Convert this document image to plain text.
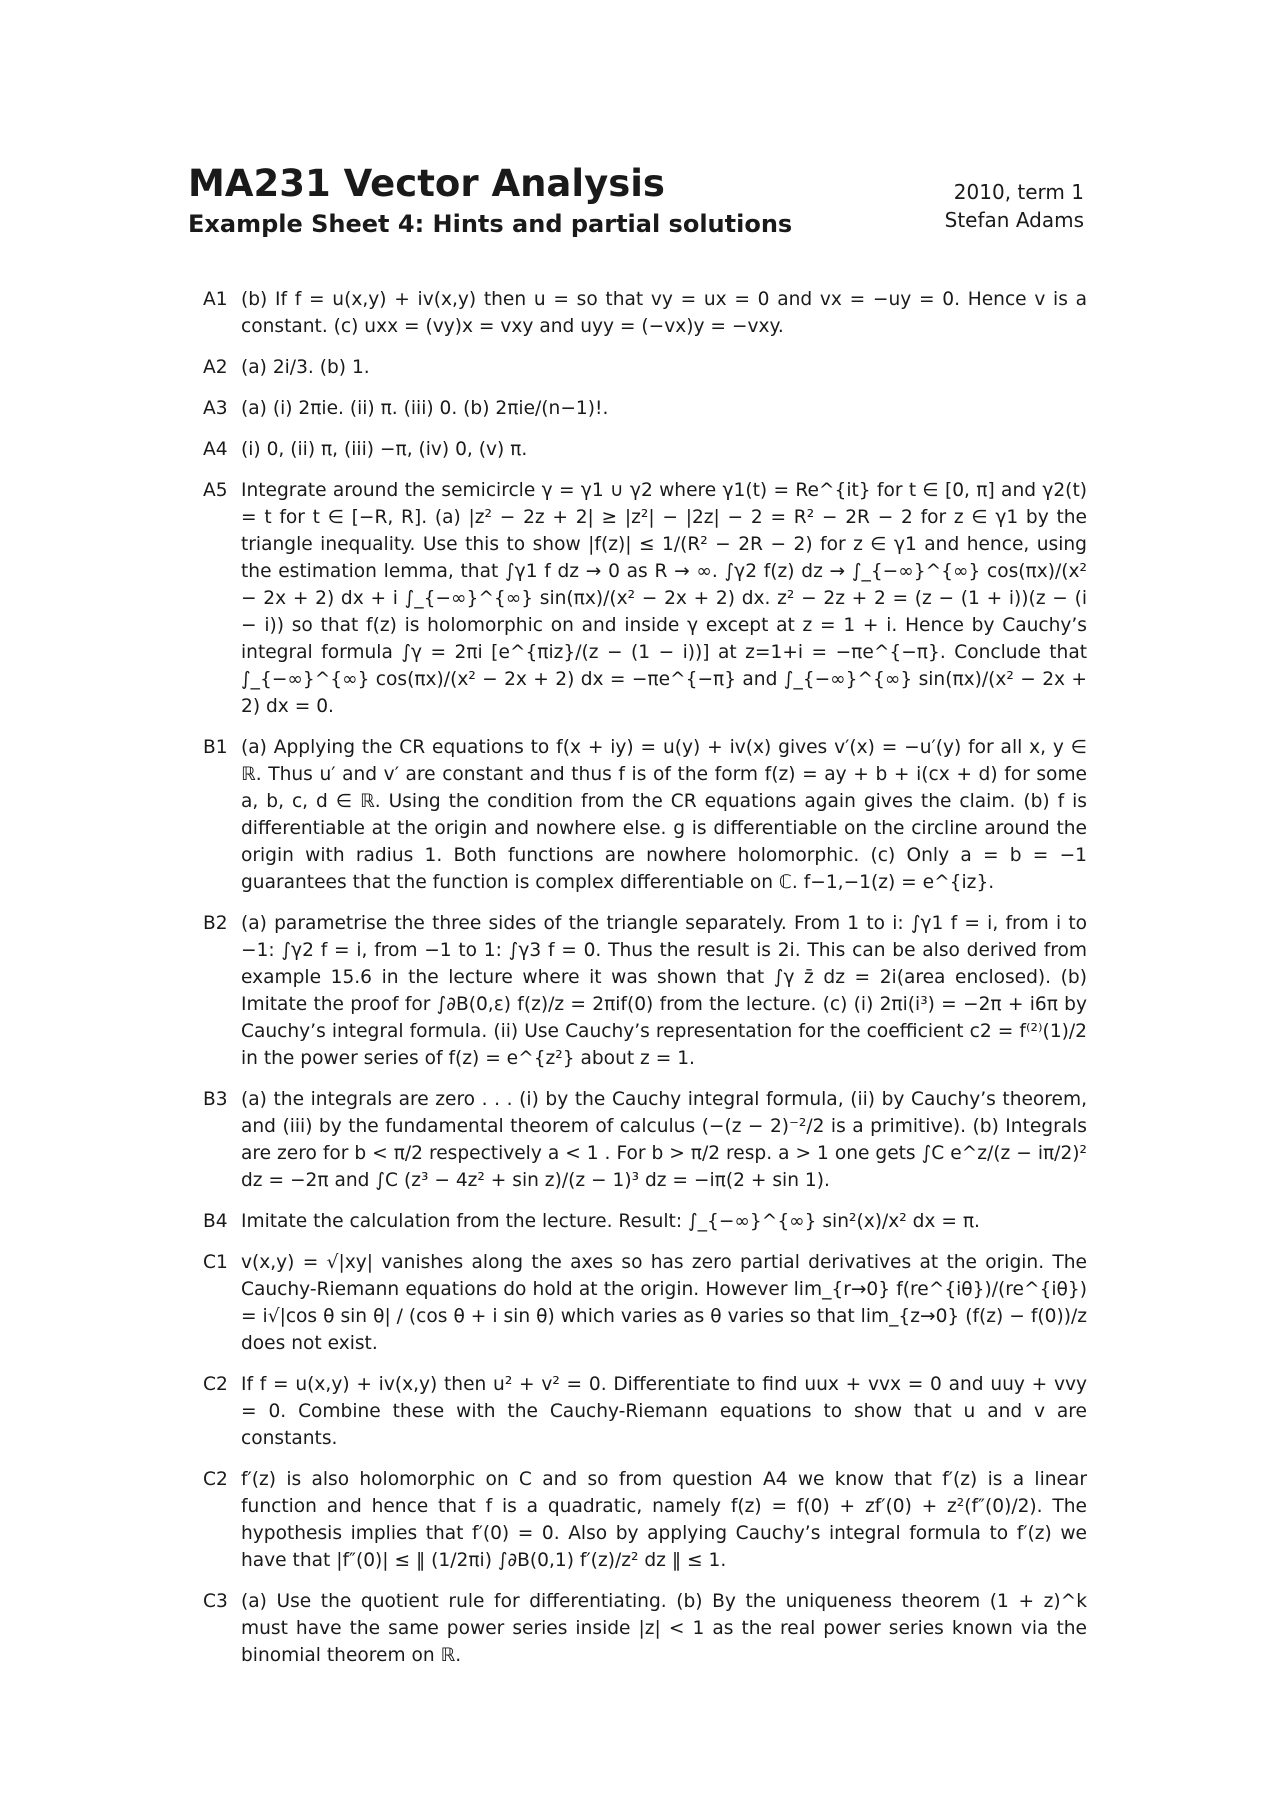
MA231 Vector Analysis
Example Sheet 4: Hints and partial solutions
2010, term 1
Stefan Adams
A1 (b) If f = u(x,y) + iv(x,y) then u = so that vy = ux = 0 and vx = −uy = 0. Hence v is a constant. (c) uxx = (vy)x = vxy and uyy = (−vx)y = −vxy.
A2 (a) 2i/3. (b) 1.
A3 (a) (i) 2πie. (ii) π. (iii) 0. (b) 2πie/(n−1)!.
A4 (i) 0, (ii) π, (iii) −π, (iv) 0, (v) π.
A5 Integrate around the semicircle γ = γ1 ∪ γ2 where γ1(t) = Re^{it} for t ∈ [0, π] and γ2(t) = t for t ∈ [−R, R]. (a) |z² − 2z + 2| ≥ |z²| − |2z| − 2 = R² − 2R − 2 for z ∈ γ1 by the triangle inequality. Use this to show |f(z)| ≤ 1/(R² − 2R − 2) for z ∈ γ1 and hence, using the estimation lemma, that ∫γ1 f dz → 0 as R → ∞. ∫γ2 f(z) dz → ∫_{−∞}^{∞} cos(πx)/(x² − 2x + 2) dx + i ∫_{−∞}^{∞} sin(πx)/(x² − 2x + 2) dx. z² − 2z + 2 = (z − (1 + i))(z − (i − i)) so that f(z) is holomorphic on and inside γ except at z = 1 + i. Hence by Cauchy’s integral formula ∫γ = 2πi [e^{πiz}/(z − (1 − i))] at z=1+i = −πe^{−π}. Conclude that ∫_{−∞}^{∞} cos(πx)/(x² − 2x + 2) dx = −πe^{−π} and ∫_{−∞}^{∞} sin(πx)/(x² − 2x + 2) dx = 0.
B1 (a) Applying the CR equations to f(x + iy) = u(y) + iv(x) gives v′(x) = −u′(y) for all x, y ∈ ℝ. Thus u′ and v′ are constant and thus f is of the form f(z) = ay + b + i(cx + d) for some a, b, c, d ∈ ℝ. Using the condition from the CR equations again gives the claim. (b) f is differentiable at the origin and nowhere else. g is differentiable on the circline around the origin with radius 1. Both functions are nowhere holomorphic. (c) Only a = b = −1 guarantees that the function is complex differentiable on ℂ. f−1,−1(z) = e^{iz}.
B2 (a) parametrise the three sides of the triangle separately. From 1 to i: ∫γ1 f = i, from i to −1: ∫γ2 f = i, from −1 to 1: ∫γ3 f = 0. Thus the result is 2i. This can be also derived from example 15.6 in the lecture where it was shown that ∫γ z̄ dz = 2i(area enclosed). (b) Imitate the proof for ∫∂B(0,ε) f(z)/z = 2πif(0) from the lecture. (c) (i) 2πi(i³) = −2π + i6π by Cauchy’s integral formula. (ii) Use Cauchy’s representation for the coefficient c2 = f⁽²⁾(1)/2 in the power series of f(z) = e^{z²} about z = 1.
B3 (a) the integrals are zero . . . (i) by the Cauchy integral formula, (ii) by Cauchy’s theorem, and (iii) by the fundamental theorem of calculus (−(z − 2)⁻²/2 is a primitive). (b) Integrals are zero for b < π/2 respectively a < 1 . For b > π/2 resp. a > 1 one gets ∫C e^z/(z − iπ/2)² dz = −2π and ∫C (z³ − 4z² + sin z)/(z − 1)³ dz = −iπ(2 + sin 1).
B4 Imitate the calculation from the lecture. Result: ∫_{−∞}^{∞} sin²(x)/x² dx = π.
C1 v(x,y) = √|xy| vanishes along the axes so has zero partial derivatives at the origin. The Cauchy-Riemann equations do hold at the origin. However lim_{r→0} f(re^{iθ})/(re^{iθ}) = i√|cos θ sin θ| / (cos θ + i sin θ) which varies as θ varies so that lim_{z→0} (f(z) − f(0))/z does not exist.
C2 If f = u(x,y) + iv(x,y) then u² + v² = 0. Differentiate to find uux + vvx = 0 and uuy + vvy = 0. Combine these with the Cauchy-Riemann equations to show that u and v are constants.
C2 f′(z) is also holomorphic on C and so from question A4 we know that f′(z) is a linear function and hence that f is a quadratic, namely f(z) = f(0) + zf′(0) + z²(f″(0)/2). The hypothesis implies that f′(0) = 0. Also by applying Cauchy’s integral formula to f′(z) we have that |f″(0)| ≤ ‖ (1/2πi) ∫∂B(0,1) f′(z)/z² dz ‖ ≤ 1.
C3 (a) Use the quotient rule for differentiating. (b) By the uniqueness theorem (1 + z)^k must have the same power series inside |z| < 1 as the real power series known via the binomial theorem on ℝ.
